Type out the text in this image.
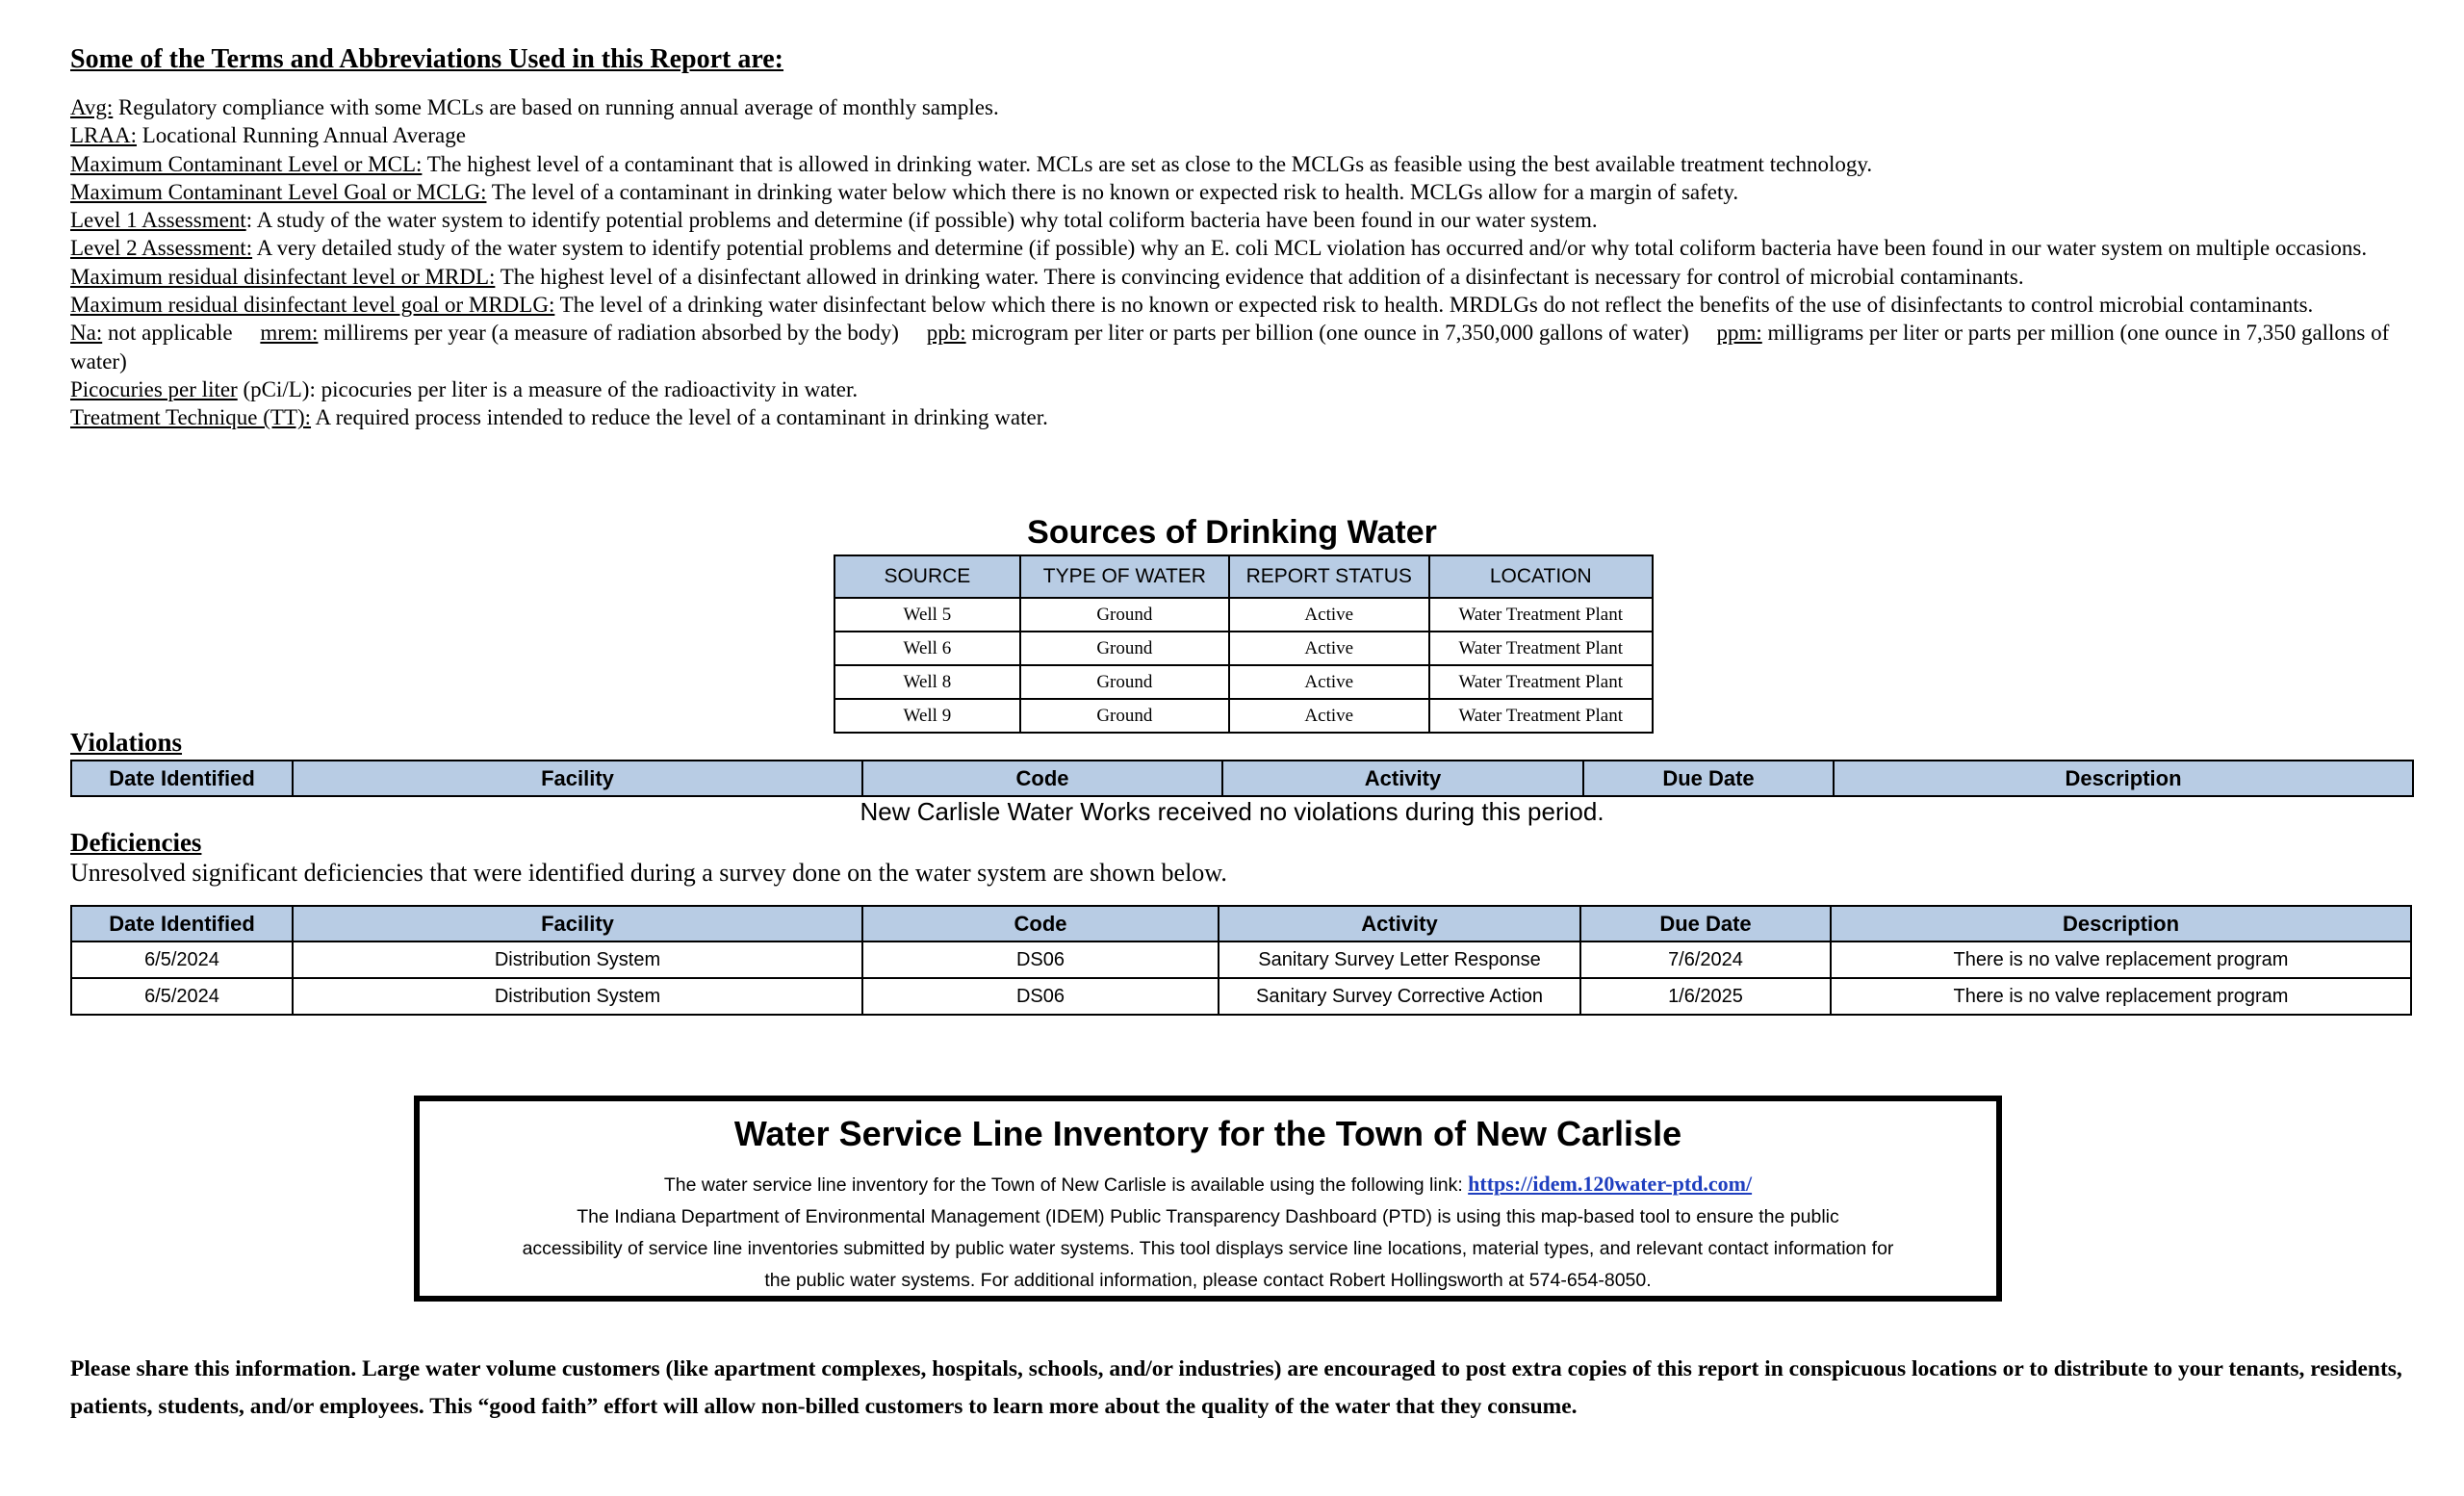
Some of the Terms and Abbreviations Used in this Report are:

Avg: Regulatory compliance with some MCLs are based on running annual average of monthly samples.

LRAA: Locational Running Annual Average

Maximum Contaminant Level or MCL: The highest level of a contaminant that is allowed in drinking water. MCLs are set as close to the MCLGs as feasible using the best available treatment technology.

Maximum Contaminant Level Goal or MCLG: The level of a contaminant in drinking water below which there is no known or expected risk to health. MCLGs allow for a margin of safety.

Level 1 Assessment: A study of the water system to identify potential problems and determine (if possible) why total coliform bacteria have been found in our water system.

Level 2 Assessment: A very detailed study of the water system to identify potential problems and determine (if possible) why an E. coli MCL violation has occurred and/or why total coliform bacteria have been found in our water system on multiple occasions.

Maximum residual disinfectant level or MRDL: The highest level of a disinfectant allowed in drinking water. There is convincing evidence that addition of a disinfectant is necessary for control of microbial contaminants.

Maximum residual disinfectant level goal or MRDLG: The level of a drinking water disinfectant below which there is no known or expected risk to health. MRDLGs do not reflect the benefits of the use of disinfectants to control microbial contaminants.

Na: not applicable mrem: millirems per year (a measure of radiation absorbed by the body) ppb: microgram per liter or parts per billion (one ounce in 7,350,000 gallons of water) ppm: milligrams per liter or parts per million (one ounce in 7,350 gallons of water)

Picocuries per liter (pCi/L): picocuries per liter is a measure of the radioactivity in water.

Treatment Technique (TT): A required process intended to reduce the level of a contaminant in drinking water.

Sources of Drinking Water
SOURCE	TYPE OF WATER	REPORT STATUS	LOCATION
Well 5	Ground	Active	Water Treatment Plant
Well 6	Ground	Active	Water Treatment Plant
Well 8	Ground	Active	Water Treatment Plant
Well 9	Ground	Active	Water Treatment Plant
Violations
Date Identified	Facility	Code	Activity	Due Date	Description
New Carlisle Water Works received no violations during this period.
Deficiencies
Unresolved significant deficiencies that were identified during a survey done on the water system are shown below.
Date Identified	Facility	Code	Activity	Due Date	Description
6/5/2024	Distribution System	DS06	Sanitary Survey Letter Response	7/6/2024	There is no valve replacement program
6/5/2024	Distribution System	DS06	Sanitary Survey Corrective Action	1/6/2025	There is no valve replacement program
Water Service Line Inventory for the Town of New Carlisle
The water service line inventory for the Town of New Carlisle is available using the following link: https://idem.120water-ptd.com/
The Indiana Department of Environmental Management (IDEM) Public Transparency Dashboard (PTD) is using this map-based tool to ensure the public
accessibility of service line inventories submitted by public water systems. This tool displays service line locations, material types, and relevant contact information for
the public water systems. For additional information, please contact Robert Hollingsworth at 574-654-8050.
Please share this information. Large water volume customers (like apartment complexes, hospitals, schools, and/or industries) are encouraged to post extra copies of this report in conspicuous locations or to distribute to your tenants, residents, patients, students, and/or employees. This “good faith” effort will allow non-billed customers to learn more about the quality of the water that they consume.
